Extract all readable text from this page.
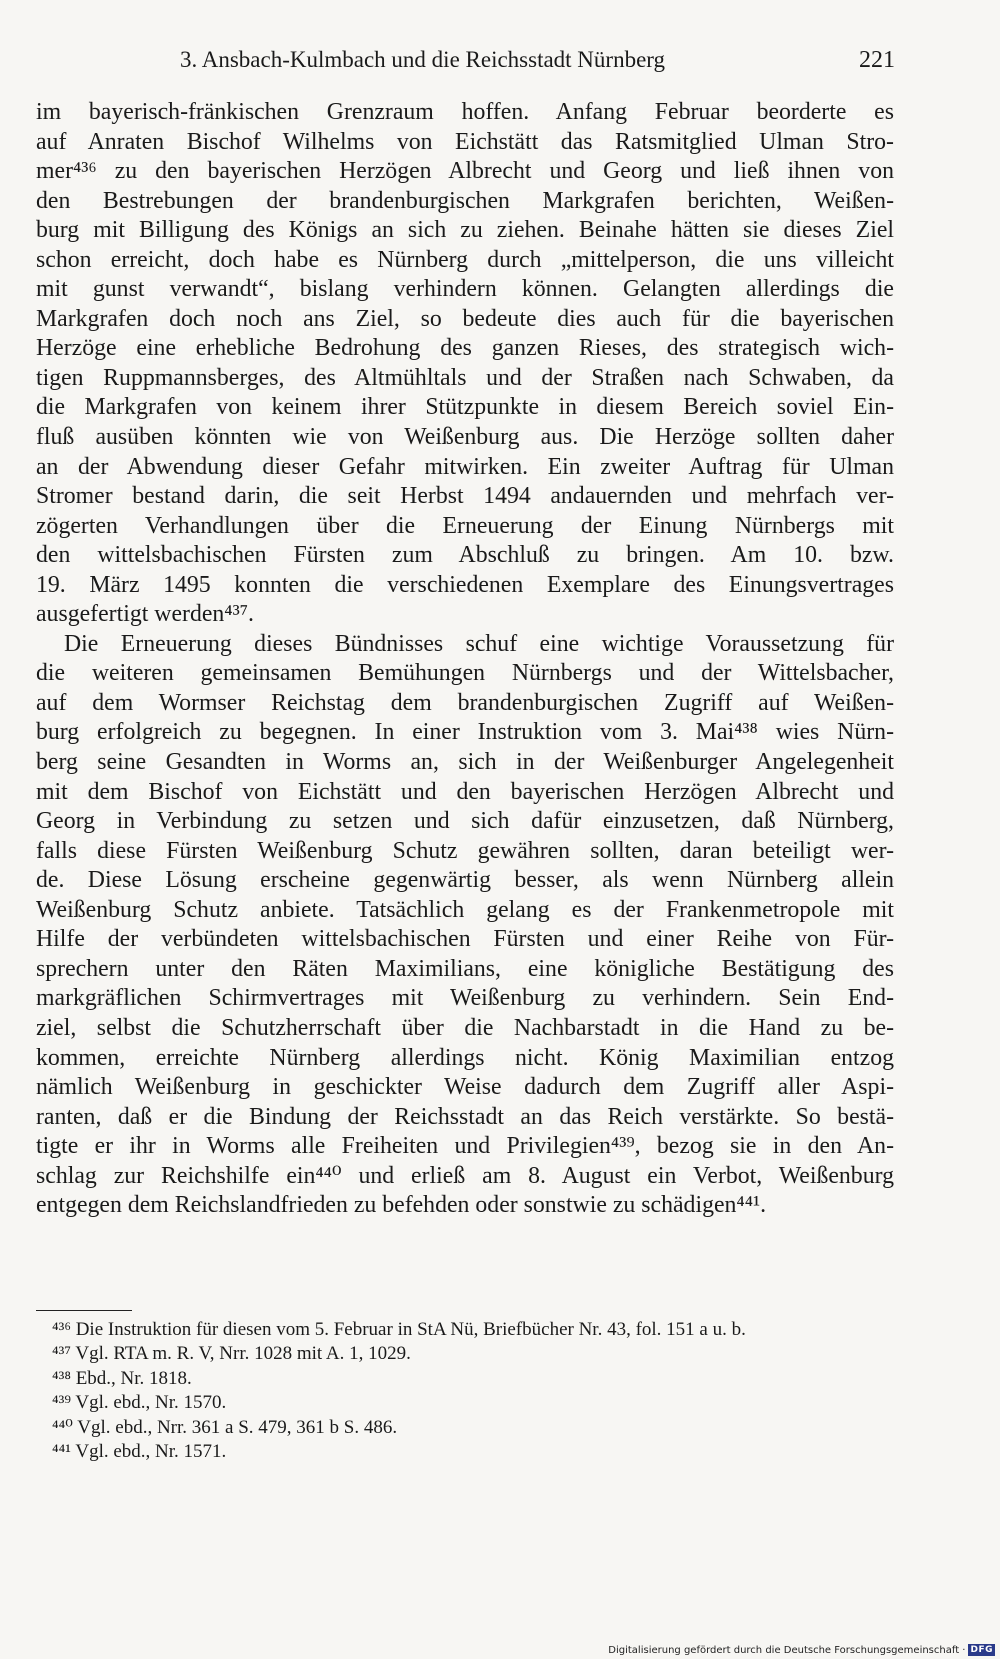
3. Ansbach-Kulmbach und die Reichsstadt Nürnberg	221
im bayerisch-fränkischen Grenzraum hoffen. Anfang Februar beorderte es
auf Anraten Bischof Wilhelms von Eichstätt das Ratsmitglied Ulman Stro-
mer⁴³⁶ zu den bayerischen Herzögen Albrecht und Georg und ließ ihnen von
den Bestrebungen der brandenburgischen Markgrafen berichten, Weißen-
burg mit Billigung des Königs an sich zu ziehen. Beinahe hätten sie dieses Ziel
schon erreicht, doch habe es Nürnberg durch „mittelperson, die uns villeicht
mit gunst verwandt“, bislang verhindern können. Gelangten allerdings die
Markgrafen doch noch ans Ziel, so bedeute dies auch für die bayerischen
Herzöge eine erhebliche Bedrohung des ganzen Rieses, des strategisch wich-
tigen Ruppmannsberges, des Altmühltals und der Straßen nach Schwaben, da
die Markgrafen von keinem ihrer Stützpunkte in diesem Bereich soviel Ein-
fluß ausüben könnten wie von Weißenburg aus. Die Herzöge sollten daher
an der Abwendung dieser Gefahr mitwirken. Ein zweiter Auftrag für Ulman
Stromer bestand darin, die seit Herbst 1494 andauernden und mehrfach ver-
zögerten Verhandlungen über die Erneuerung der Einung Nürnbergs mit
den wittelsbachischen Fürsten zum Abschluß zu bringen. Am 10. bzw.
19. März 1495 konnten die verschiedenen Exemplare des Einungsvertrages
ausgefertigt werden⁴³⁷.
Die Erneuerung dieses Bündnisses schuf eine wichtige Voraussetzung für
die weiteren gemeinsamen Bemühungen Nürnbergs und der Wittelsbacher,
auf dem Wormser Reichstag dem brandenburgischen Zugriff auf Weißen-
burg erfolgreich zu begegnen. In einer Instruktion vom 3. Mai⁴³⁸ wies Nürn-
berg seine Gesandten in Worms an, sich in der Weißenburger Angelegenheit
mit dem Bischof von Eichstätt und den bayerischen Herzögen Albrecht und
Georg in Verbindung zu setzen und sich dafür einzusetzen, daß Nürnberg,
falls diese Fürsten Weißenburg Schutz gewähren sollten, daran beteiligt wer-
de. Diese Lösung erscheine gegenwärtig besser, als wenn Nürnberg allein
Weißenburg Schutz anbiete. Tatsächlich gelang es der Frankenmetropole mit
Hilfe der verbündeten wittelsbachischen Fürsten und einer Reihe von Für-
sprechern unter den Räten Maximilians, eine königliche Bestätigung des
markgräflichen Schirmvertrages mit Weißenburg zu verhindern. Sein End-
ziel, selbst die Schutzherrschaft über die Nachbarstadt in die Hand zu be-
kommen, erreichte Nürnberg allerdings nicht. König Maximilian entzog
nämlich Weißenburg in geschickter Weise dadurch dem Zugriff aller Aspi-
ranten, daß er die Bindung der Reichsstadt an das Reich verstärkte. So bestä-
tigte er ihr in Worms alle Freiheiten und Privilegien⁴³⁹, bezog sie in den An-
schlag zur Reichshilfe ein⁴⁴⁰ und erließ am 8. August ein Verbot, Weißenburg
entgegen dem Reichslandfrieden zu befehden oder sonstwie zu schädigen⁴⁴¹.
⁴³⁶ Die Instruktion für diesen vom 5. Februar in StA Nü, Briefbücher Nr. 43, fol. 151 a u. b.
⁴³⁷ Vgl. RTA m. R. V, Nrr. 1028 mit A. 1, 1029.
⁴³⁸ Ebd., Nr. 1818.
⁴³⁹ Vgl. ebd., Nr. 1570.
⁴⁴⁰ Vgl. ebd., Nrr. 361 a S. 479, 361 b S. 486.
⁴⁴¹ Vgl. ebd., Nr. 1571.
Digitalisierung gefördert durch die Deutsche Forschungsgemeinschaft · DFG
